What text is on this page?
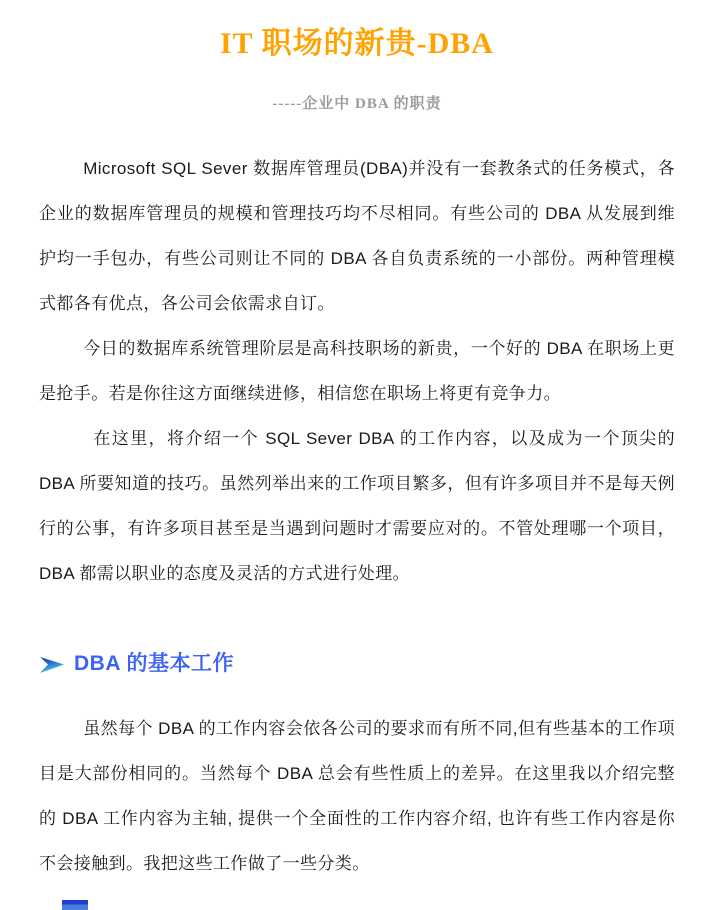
IT 职场的新贵-DBA
-----企业中 DBA 的职责

Microsoft SQL Sever 数据库管理员(DBA)并没有一套教条式的任务模式，各企业的数据库管理员的规模和管理技巧均不尽相同。有些公司的 DBA 从发展到维护均一手包办，有些公司则让不同的 DBA 各自负责系统的一小部份。两种管理模式都各有优点，各公司会依需求自订。

今日的数据库系统管理阶层是高科技职场的新贵，一个好的 DBA 在职场上更是抢手。若是你往这方面继续进修，相信您在职场上将更有竞争力。

在这里，将介绍一个 SQL Sever DBA 的工作内容，以及成为一个顶尖的 DBA 所要知道的技巧。虽然列举出来的工作项目繁多，但有许多项目并不是每天例行的公事，有许多项目甚至是当遇到问题时才需要应对的。不管处理哪一个项目，DBA 都需以职业的态度及灵活的方式进行处理。

DBA 的基本工作

虽然每个 DBA 的工作内容会依各公司的要求而有所不同,但有些基本的工作项目是大部份相同的。当然每个 DBA 总会有些性质上的差异。在这里我以介绍完整的 DBA 工作内容为主轴, 提供一个全面性的工作内容介绍, 也许有些工作内容是你不会接触到。我把这些工作做了一些分类。
